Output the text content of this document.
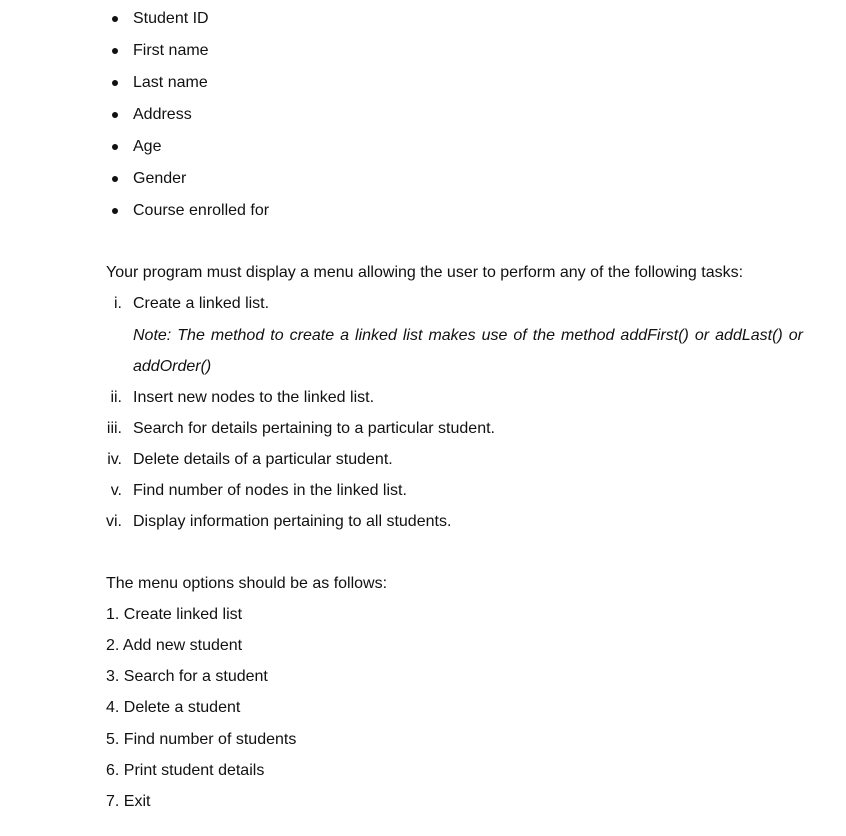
Student ID
First name
Last name
Address
Age
Gender
Course enrolled for
Your program must display a menu allowing the user to perform any of the following tasks:
i. Create a linked list.
Note: The method to create a linked list makes use of the method addFirst() or addLast() or
addOrder()
ii. Insert new nodes to the linked list.
iii. Search for details pertaining to a particular student.
iv. Delete details of a particular student.
v. Find number of nodes in the linked list.
vi. Display information pertaining to all students.
The menu options should be as follows:
1. Create linked list
2. Add new student
3. Search for a student
4. Delete a student
5. Find number of students
6. Print student details
7. Exit
